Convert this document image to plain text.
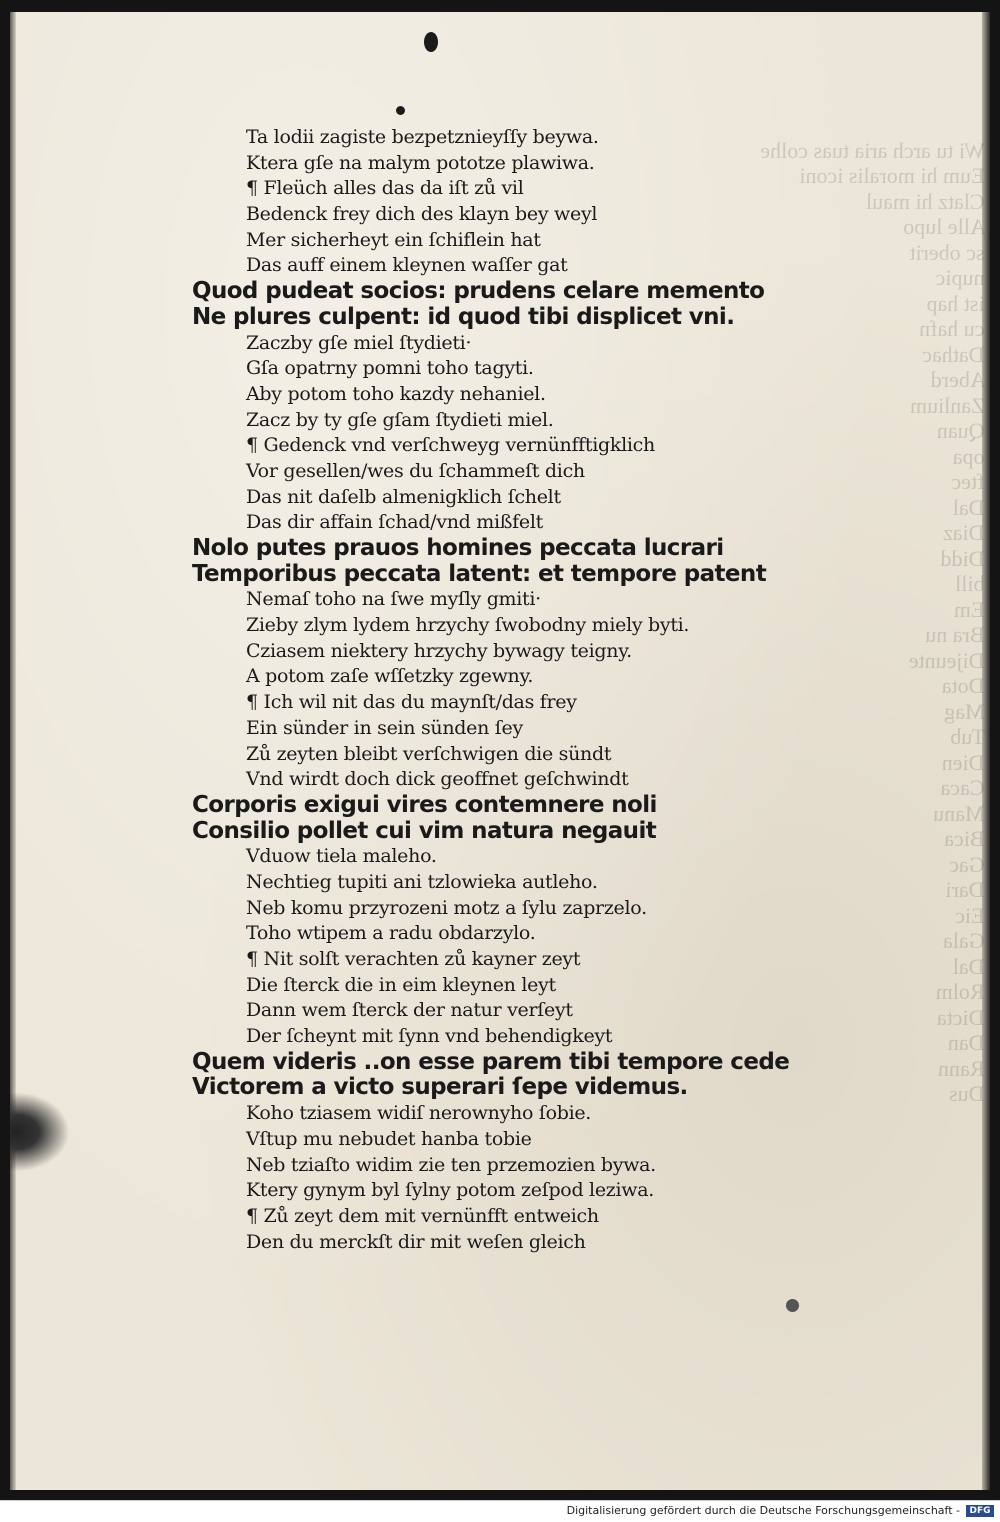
Wi tu arch aria tuas colhe
Eum hi moralis iconi
Clatz hi maul
Alle lupo
sc oberit
nupic
ist hap
cu hafn
Dathac
Aberd
Zanlium
Quan
opa
ftec
Dal
Diaz
Didd
bill
Em
Bra nu
Dijeunte
Dota
Mag
Tub
Dien
Caca
Manu
Bica
Gac
Dari
Eic
Gala
Dal
Rolm
Dicta
Dan
Rann
Dus

Ta lodii zagiste bezpetznieyſſy beywa.
Ktera gſe na malym pototze plawiwa.
¶ Fleüch alles das da iſt zů vil
Bedenck frey dich des klayn bey weyl
Mer sicherheyt ein ſchiflein hat
Das auff einem kleynen waſſer gat
Quod pudeat socios: prudens celare memento
Ne plures culpent: id quod tibi displicet vni.
Zaczby gſe miel ſtydieti·
Gſa opatrny pomni toho tagyti.
Aby potom toho kazdy nehaniel.
Zacz by ty gſe gſam ſtydieti miel.
¶ Gedenck vnd verſchweyg vernünfftigklich
Vor gesellen/wes du ſchammeſt dich
Das nit daſelb almenigklich ſchelt
Das dir affain ſchad/vnd mißfelt
Nolo putes prauos homines peccata lucrari
Temporibus peccata latent: et tempore patent
Nemaſ toho na ſwe myſly gmiti·
Zieby zlym lydem hrzychy ſwobodny miely byti.
Cziasem niektery hrzychy bywagy teigny.
A potom zaſe wſſetzky zgewny.
¶ Ich wil nit das du maynſt/das frey
Ein sünder in sein sünden ſey
Zů zeyten bleibt verſchwigen die sündt
Vnd wirdt doch dick geoffnet geſchwindt
Corporis exigui vires contemnere noli
Consilio pollet cui vim natura negauit
Vduow tiela maleho.
Nechtieg tupiti ani tzlowieka autleho.
Neb komu przyrozeni motz a ſylu zaprzelo.
Toho wtipem a radu obdarzylo.
¶ Nit solſt verachten zů kayner zeyt
Die ſterck die in eim kleynen leyt
Dann wem ſterck der natur verſeyt
Der ſcheynt mit ſynn vnd behendigkeyt
Quem videris ..on esse parem tibi tempore cede
Victorem a victo superari ſepe videmus.
Koho tziasem widiſ nerownyho ſobie.
Vſtup mu nebudet hanba tobie
Neb tziaſto widim zie ten przemozien bywa.
Ktery gynym byl ſylny potom zeſpod leziwa.
¶ Zů zeyt dem mit vernünfft entweich
Den du merckſt dir mit weſen gleich
Digitalisierung gefördert durch die Deutsche Forschungsgemeinschaft -	DFG
